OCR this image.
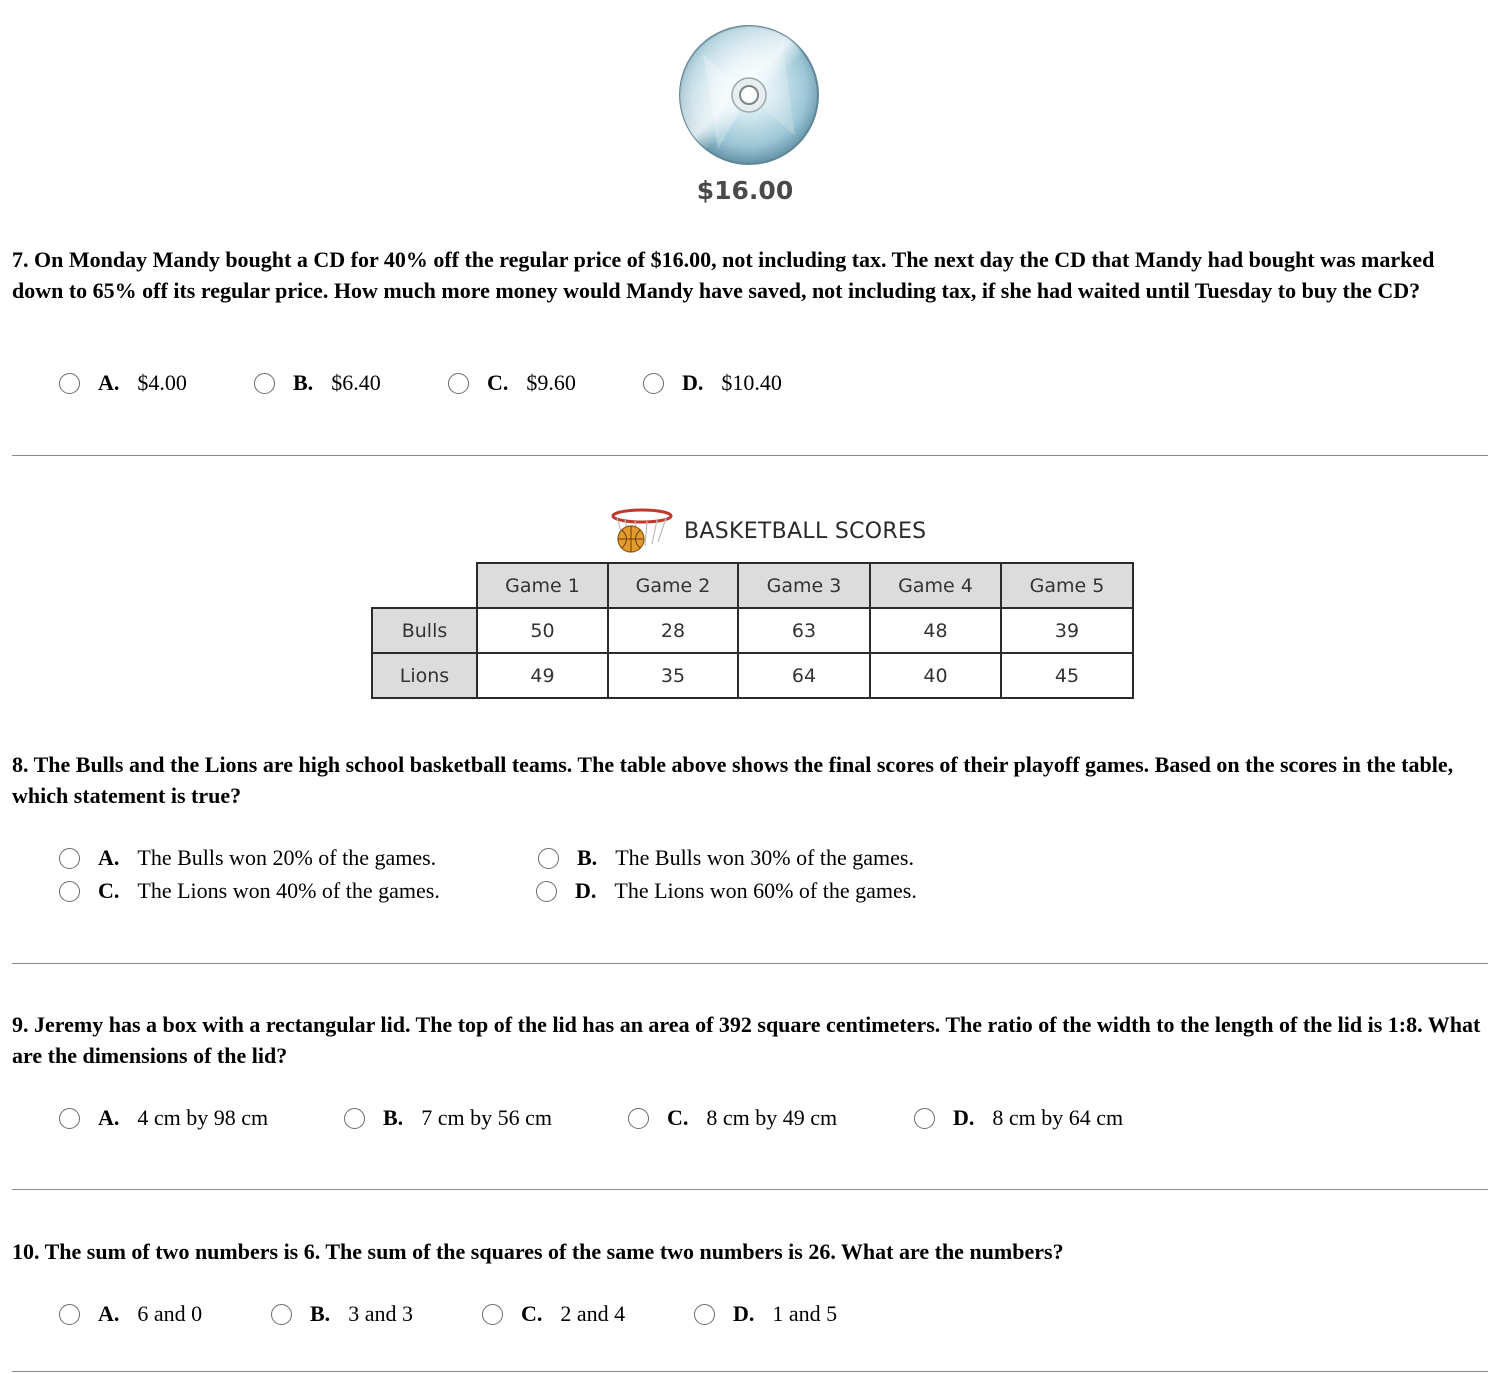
$16.00
7. On Monday Mandy bought a CD for 40% off the regular price of $16.00, not including tax. The next day the CD that Mandy had bought was marked down to 65% off its regular price. How much more money would Mandy have saved, not including tax, if she had waited until Tuesday to buy the CD?
A. $4.00	B. $6.40	C. $9.60	D. $10.40
BASKETBALL SCORES
	Game 1	Game 2	Game 3	Game 4	Game 5
Bulls	50	28	63	48	39
Lions	49	35	64	40	45
8. The Bulls and the Lions are high school basketball teams. The table above shows the final scores of their playoff games. Based on the scores in the table, which statement is true?
A. The Bulls won 20% of the games.	B. The Bulls won 30% of the games.
C. The Lions won 40% of the games.	D. The Lions won 60% of the games.
9. Jeremy has a box with a rectangular lid. The top of the lid has an area of 392 square centimeters. The ratio of the width to the length of the lid is 1:8. What are the dimensions of the lid?
A. 4 cm by 98 cm	B. 7 cm by 56 cm	C. 8 cm by 49 cm	D. 8 cm by 64 cm
10. The sum of two numbers is 6. The sum of the squares of the same two numbers is 26. What are the numbers?
A. 6 and 0	B. 3 and 3	C. 2 and 4	D. 1 and 5
